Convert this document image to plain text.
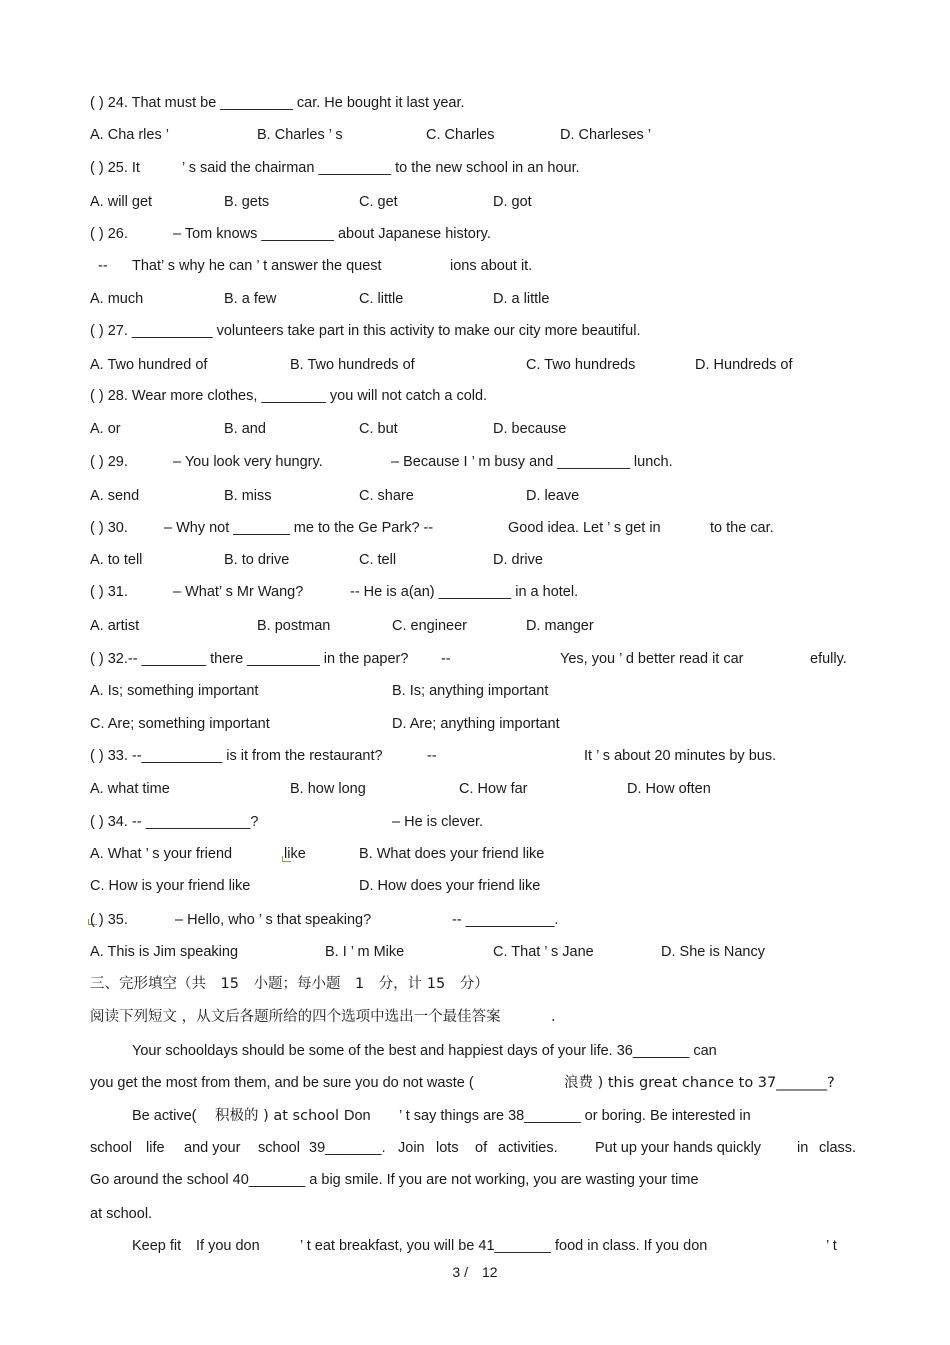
( ) 24. That must be _________ car. He bought it last year.
A. Cha rles ’	B. Charles ’ s	C. Charles	D. Charleses ’
( ) 25. It	’ s said the chairman _________ to the new school in an hour.
A. will get	B. gets	C. get	D. got
( ) 26.	– Tom knows _________ about Japanese history.
-- That’ s why he can ’ t answer the quest	ions about it.
A. much	B. a few	C. little	D. a little
( ) 27. __________ volunteers take part in this activity to make our city more beautiful.
A. Two hundred of	B. Two hundreds of	C. Two hundreds	D. Hundreds of
( ) 28. Wear more clothes, ________ you will not catch a cold.
A. or	B. and	C. but	D. because
( ) 29.	– You look very hungry.	– Because I ’ m busy and _________ lunch.
A. send	B. miss	C. share	D. leave
( ) 30. – Why not _______ me to the Ge Park? --	Good idea. Let ’ s get in	to the car.
A. to tell	B. to drive	C. tell	D. drive
( ) 31.	– What’ s Mr Wang?	-- He is a(an) _________ in a hotel.
A. artist	B. postman	C. engineer	D. manger
( ) 32.-- ________ there _________ in the paper? --	Yes, you ’ d better read it car	efully.
A. Is; something important	B. Is; anything important
C. Are; something important	D. Are; anything important
( ) 33. --__________ is it from the restaurant?	--	It ’ s about 20 minutes by bus.
A. what time	B. how long	C. How far	D. How often
( ) 34. -- _____________?	– He is clever.
A. What ’ s your friend	like	B. What does your friend like
C. How is your friend like	D. How does your friend like
( ) 35.	– Hello, who ’ s that speaking?	-- ___________.
A. This is Jim speaking	B. I ’ m Mike	C. That ’ s Jane	D. She is Nancy
三、完形填空（共　15　小题；每小题　1　分，计 15　分）
阅读下列短文 ，从文后各题所给的四个选项中选出一个最佳答案	.
Your schooldays should be some of the best and happiest days of your life. 36_______ can
you get the most from them, and be sure you do not waste (	浪费 ) this great chance to 37_______?
Be active( 积极的 ) at school Don ’ t say things are 38_______ or boring. Be interested in
school life and your school 39_______. Join lots of activities.	Put up your hands quickly in class.
Go around the school 40_______ a big smile. If you are not working, you are wasting your time
at school.
Keep fit If you don	’ t eat breakfast, you will be 41_______ food in class. If you don	’ t
3 /　12
